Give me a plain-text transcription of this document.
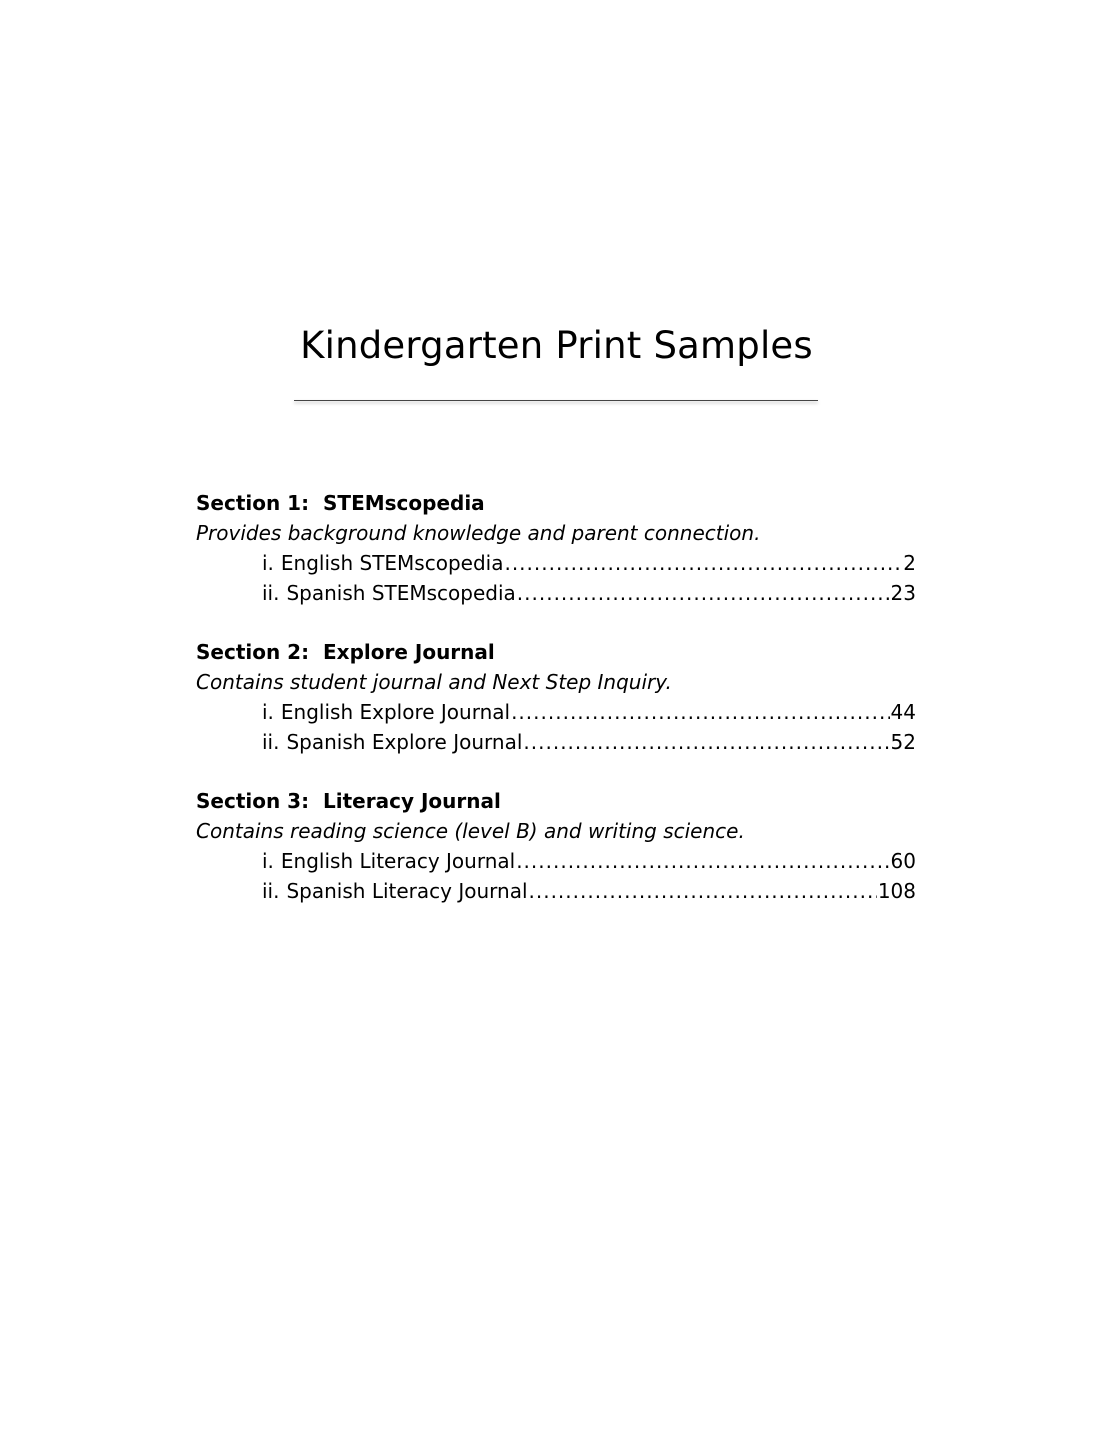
Kindergarten Print Samples

Section 1:  STEMscopedia

Provides background knowledge and parent connection.

i. English STEMscopedia .....	2
ii. Spanish STEMscopedia .....	23

Section 2:  Explore Journal

Contains student journal and Next Step Inquiry.

i. English Explore Journal .....	44
ii. Spanish Explore Journal .....	52

Section 3:  Literacy Journal

Contains reading science (level B) and writing science.

i. English Literacy Journal .....	60
ii. Spanish Literacy Journal .....	108
